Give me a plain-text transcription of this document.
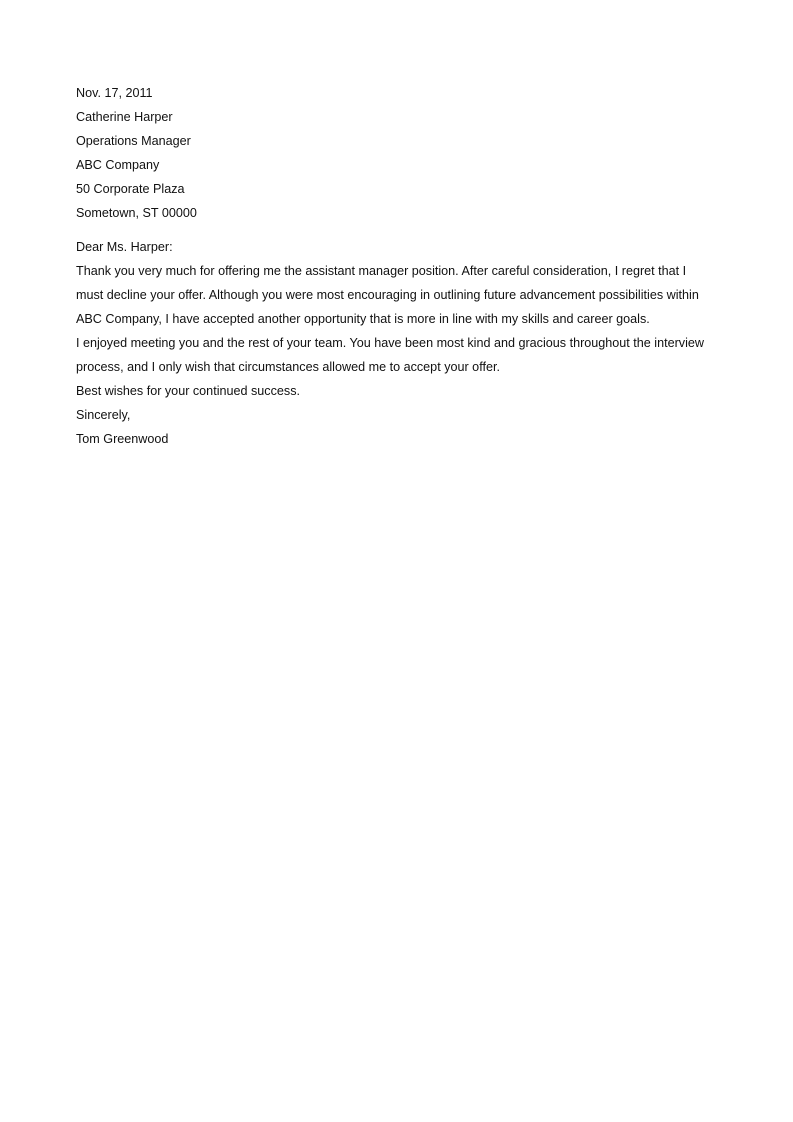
Nov. 17, 2011

Catherine Harper
Operations Manager
ABC Company
50 Corporate Plaza
Sometown, ST 00000

Dear Ms. Harper:

Thank you very much for offering me the assistant manager position. After careful consideration, I regret that I must decline your offer. Although you were most encouraging in outlining future advancement possibilities within ABC Company, I have accepted another opportunity that is more in line with my skills and career goals.

I enjoyed meeting you and the rest of your team. You have been most kind and gracious throughout the interview process, and I only wish that circumstances allowed me to accept your offer.

Best wishes for your continued success.

Sincerely,

Tom Greenwood
